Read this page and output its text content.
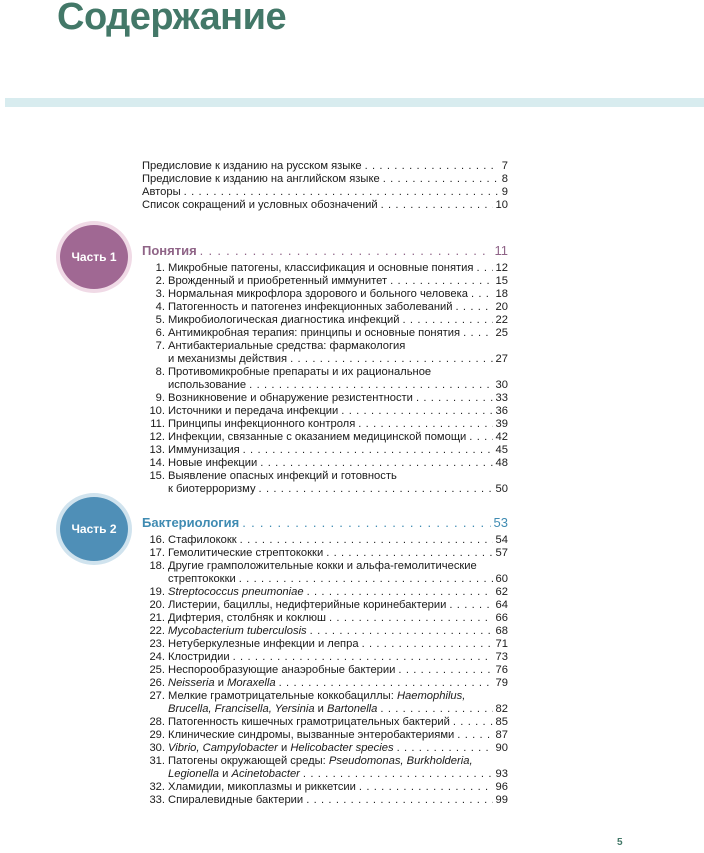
Содержание
Предисловие к изданию на русском языке . . .	7
Предисловие к изданию на английском языке . . .	8
Авторы . . .	9
Список сокращений и условных обозначений . . .	10
Часть 1	Понятия . . .	11
1. Микробные патогены, классификация и основные понятия . . . 12
2. Врожденный и приобретенный иммунитет . . .	15
3. Нормальная микрофлора здорового и больного человека . . . 18
4. Патогенность и патогенез инфекционных заболеваний . . .	20
5. Микробиологическая диагностика инфекций . . .	22
6. Антимикробная терапия: принципы и основные понятия . . .	25
7. Антибактериальные средства: фармакология
и механизмы действия . . .	27
8. Противомикробные препараты и их рациональное
использование . . .	30
9. Возникновение и обнаружение резистентности . . .	33
10. Источники и передача инфекции . . .	36
11. Принципы инфекционного контроля . . .	39
12. Инфекции, связанные с оказанием медицинской помощи . . .	42
13. Иммунизация . . .	45
14. Новые инфекции . . .	48
15. Выявление опасных инфекций и готовность
к биотерроризму . . .	50
Часть 2	Бактериология . . .	53
16. Стафилококк . . .	54
17. Гемолитические стрептококки . . .	57
18. Другие грамположительные кокки и альфа-гемолитические
стрептококки . . .	60
19. Streptococcus pneumoniae . . .	62
20. Листерии, бациллы, недифтерийные коринебактерии . . .	64
21. Дифтерия, столбняк и коклюш . . .	66
22. Mycobacterium tuberculosis . . .	68
23. Нетуберкулезные инфекции и лепра . . .	71
24. Клостридии . . .	73
25. Неспорообразующие анаэробные бактерии . . .	76
26. Neisseria и Moraxella . . .	79
27. Мелкие грамотрицательные коккобациллы: Haemophilus,
Brucella, Francisella, Yersinia и Bartonella . . .	82
28. Патогенность кишечных грамотрицательных бактерий . . .	85
29. Клинические синдромы, вызванные энтеробактериями . . .	87
30. Vibrio, Campylobacter и Helicobacter species . . .	90
31. Патогены окружающей среды: Pseudomonas, Burkholderia,
Legionella и Acinetobacter . . .	93
32. Хламидии, микоплазмы и риккетсии . . .	96
33. Спиралевидные бактерии . . .	99
5
